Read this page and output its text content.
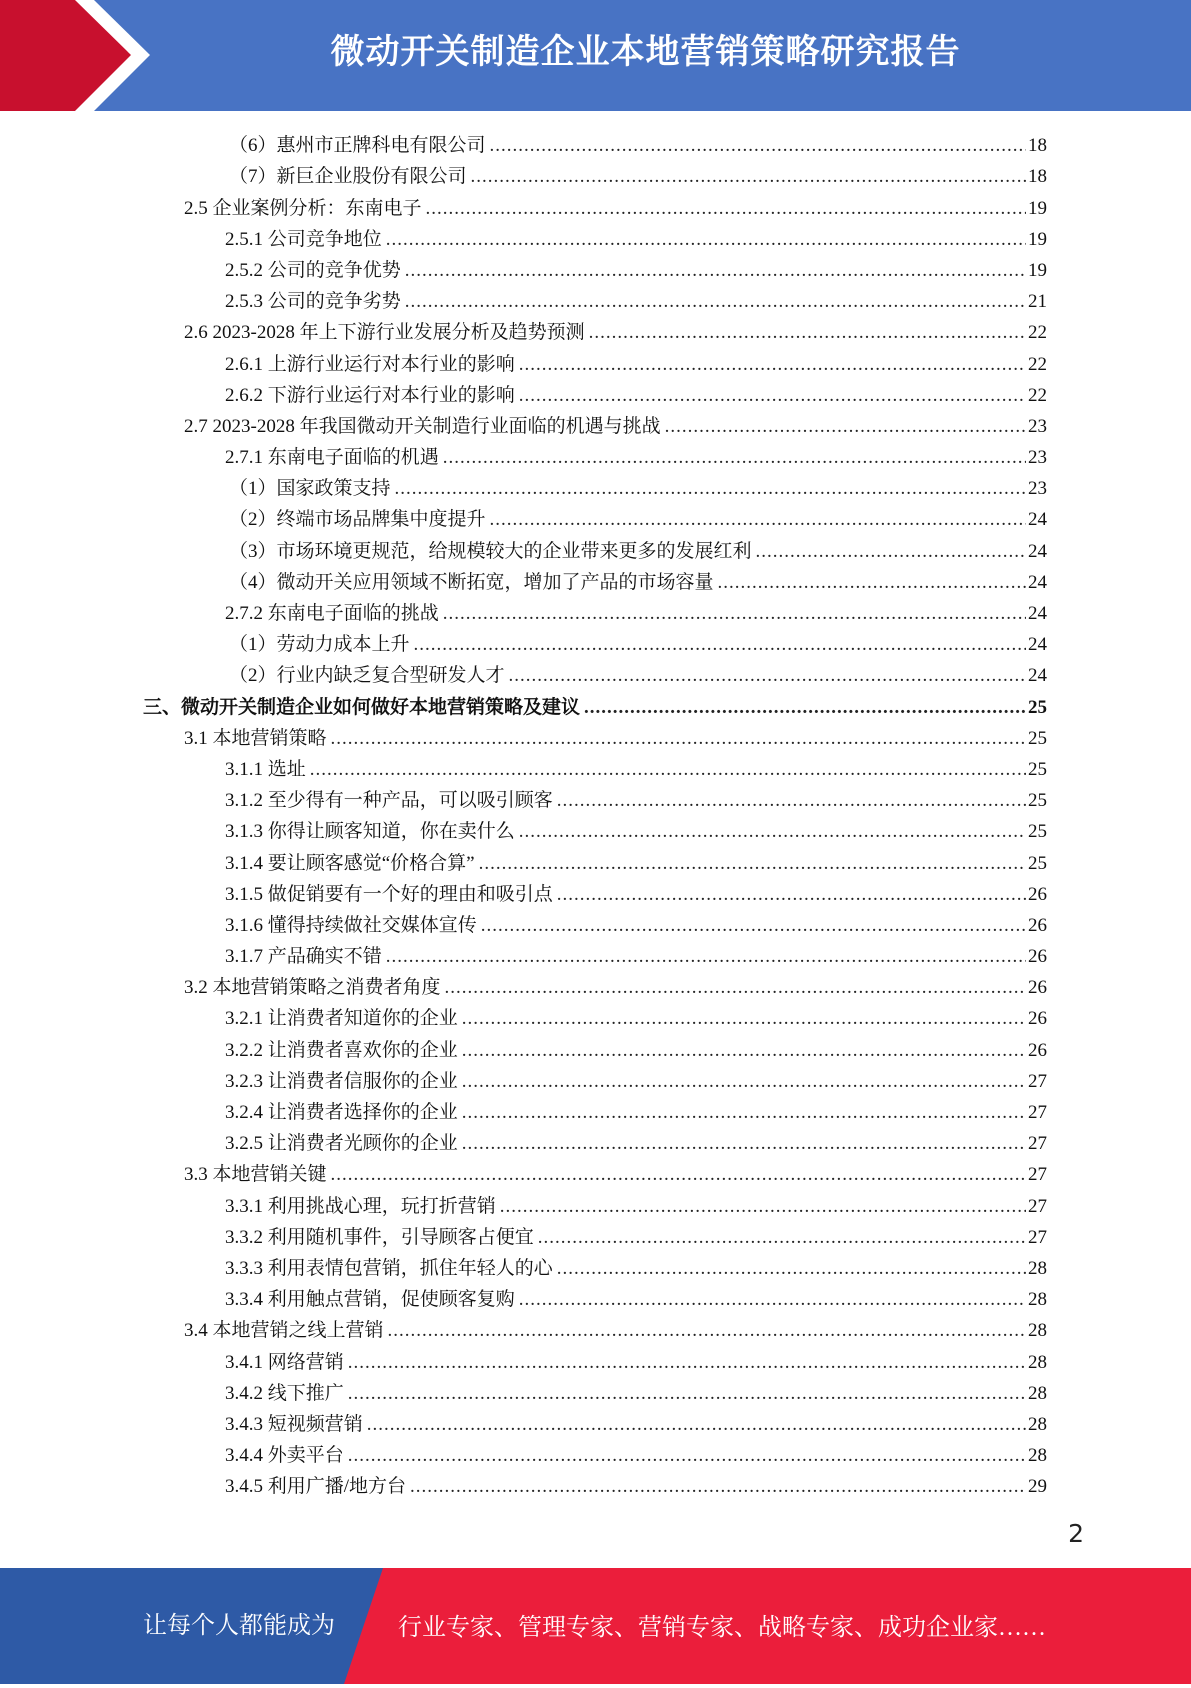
微动开关制造企业本地营销策略研究报告
（6）惠州市正牌科电有限公司 .....	18
（7）新巨企业股份有限公司 .....	18
2.5 企业案例分析：东南电子 .....	19
2.5.1 公司竞争地位 .....	19
2.5.2 公司的竞争优势 .....	19
2.5.3 公司的竞争劣势 .....	21
2.6 2023-2028 年上下游行业发展分析及趋势预测 .....	22
2.6.1 上游行业运行对本行业的影响 .....	22
2.6.2 下游行业运行对本行业的影响 .....	22
2.7 2023-2028 年我国微动开关制造行业面临的机遇与挑战 .....	23
2.7.1 东南电子面临的机遇 .....	23
（1）国家政策支持 .....	23
（2）终端市场品牌集中度提升 .....	24
（3）市场环境更规范，给规模较大的企业带来更多的发展红利 .....	24
（4）微动开关应用领域不断拓宽，增加了产品的市场容量 .....	24
2.7.2 东南电子面临的挑战 .....	24
（1）劳动力成本上升 .....	24
（2）行业内缺乏复合型研发人才 .....	24
三、微动开关制造企业如何做好本地营销策略及建议 .....	25
3.1 本地营销策略 .....	25
3.1.1 选址 .....	25
3.1.2 至少得有一种产品，可以吸引顾客 .....	25
3.1.3 你得让顾客知道，你在卖什么 .....	25
3.1.4 要让顾客感觉“价格合算” .....	25
3.1.5 做促销要有一个好的理由和吸引点 .....	26
3.1.6 懂得持续做社交媒体宣传 .....	26
3.1.7 产品确实不错 .....	26
3.2 本地营销策略之消费者角度 .....	26
3.2.1 让消费者知道你的企业 .....	26
3.2.2 让消费者喜欢你的企业 .....	26
3.2.3 让消费者信服你的企业 .....	27
3.2.4 让消费者选择你的企业 .....	27
3.2.5 让消费者光顾你的企业 .....	27
3.3 本地营销关键 .....	27
3.3.1 利用挑战心理，玩打折营销 .....	27
3.3.2 利用随机事件，引导顾客占便宜 .....	27
3.3.3 利用表情包营销，抓住年轻人的心 .....	28
3.3.4 利用触点营销，促使顾客复购 .....	28
3.4 本地营销之线上营销 .....	28
3.4.1 网络营销 .....	28
3.4.2 线下推广 .....	28
3.4.3 短视频营销 .....	28
3.4.4 外卖平台 .....	28
3.4.5 利用广播/地方台 .....	29
2
让每个人都能成为	行业专家、管理专家、营销专家、战略专家、成功企业家……
